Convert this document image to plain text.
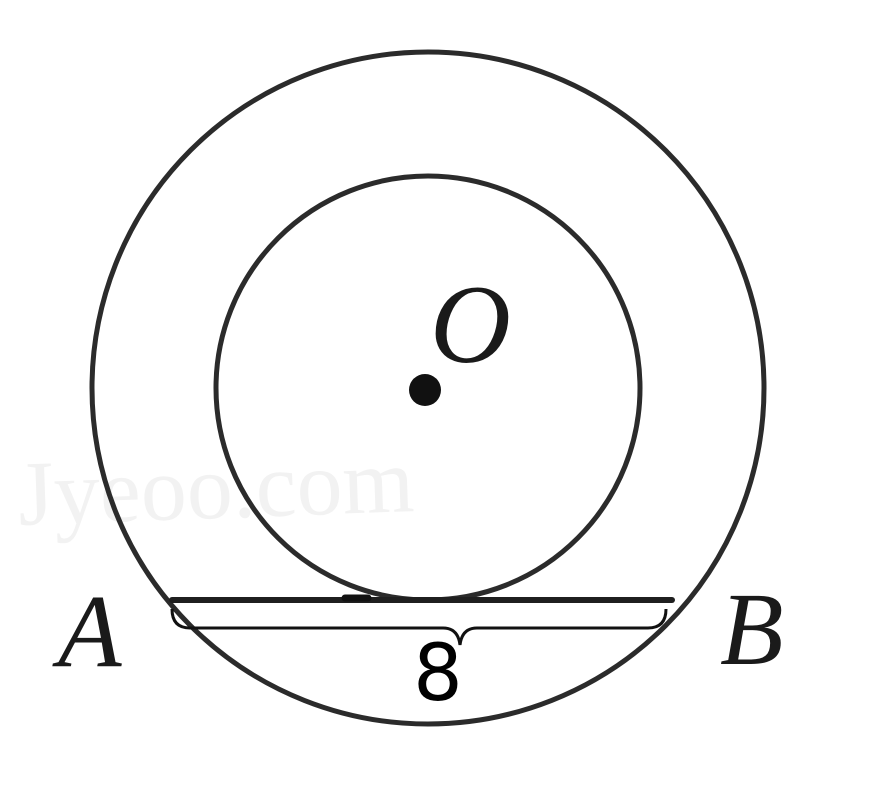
Jyeoo.com
O
A	B
8
